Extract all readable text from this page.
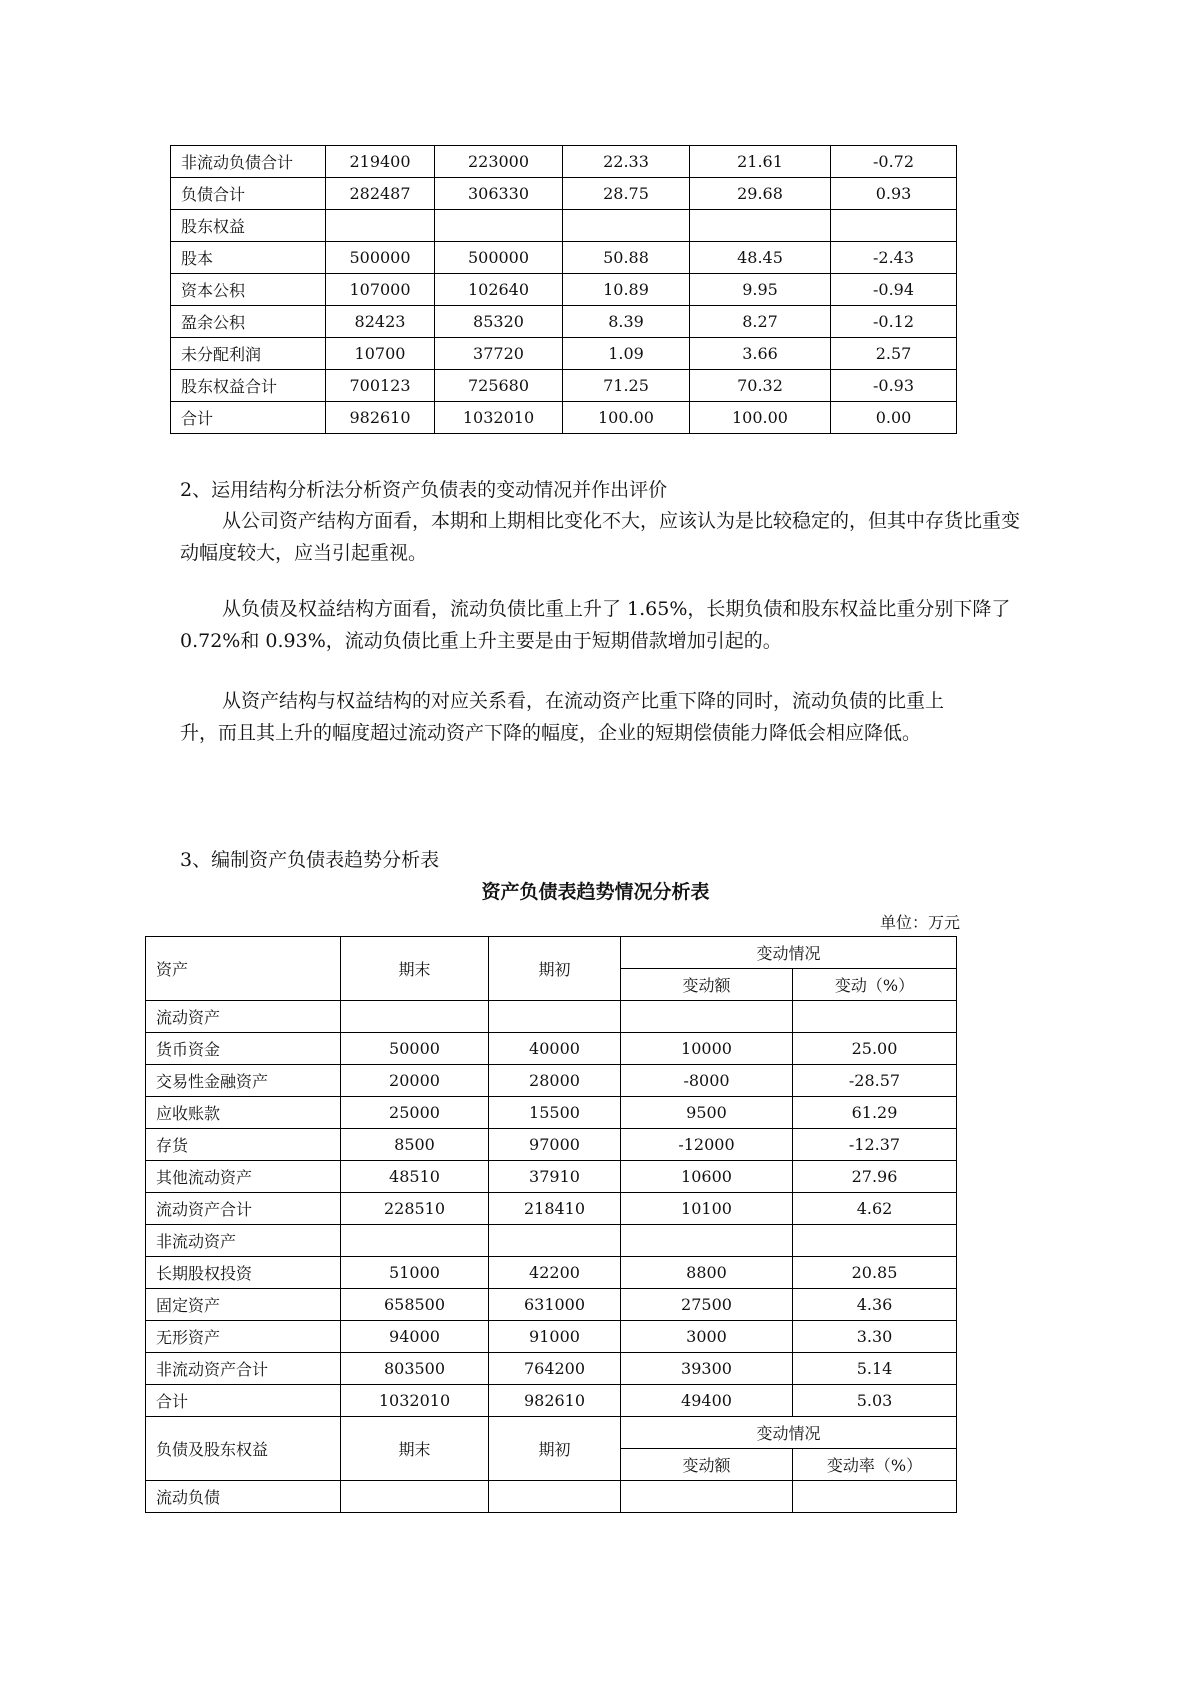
非流动负债合计	219400	223000	22.33	21.61	-0.72
负债合计	282487	306330	28.75	29.68	0.93
股东权益					
股本	500000	500000	50.88	48.45	-2.43
资本公积	107000	102640	10.89	9.95	-0.94
盈余公积	82423	85320	8.39	8.27	-0.12
未分配利润	10700	37720	1.09	3.66	2.57
股东权益合计	700123	725680	71.25	70.32	-0.93
合计	982610	1032010	100.00	100.00	0.00
2、运用结构分析法分析资产负债表的变动情况并作出评价

从公司资产结构方面看，本期和上期相比变化不大，应该认为是比较稳定的，但其中存货比重变动幅度较大，应当引起重视。

从负债及权益结构方面看，流动负债比重上升了 1.65%，长期负债和股东权益比重分别下降了 0.72%和 0.93%，流动负债比重上升主要是由于短期借款增加引起的。

从资产结构与权益结构的对应关系看，在流动资产比重下降的同时，流动负债的比重上升，而且其上升的幅度超过流动资产下降的幅度，企业的短期偿债能力降低会相应降低。

3、编制资产负债表趋势分析表
资产负债表趋势情况分析表
单位：万元
资产	期末	期初	变动情况	
			变动额	变动（%）
流动资产				
货币资金	50000	40000	10000	25.00
交易性金融资产	20000	28000	-8000	-28.57
应收账款	25000	15500	9500	61.29
存货	8500	97000	-12000	-12.37
其他流动资产	48510	37910	10600	27.96
流动资产合计	228510	218410	10100	4.62
非流动资产				
长期股权投资	51000	42200	8800	20.85
固定资产	658500	631000	27500	4.36
无形资产	94000	91000	3000	3.30
非流动资产合计	803500	764200	39300	5.14
合计	1032010	982610	49400	5.03
负债及股东权益	期末	期初	变动情况	
			变动额	变动率（%）
流动负债				
